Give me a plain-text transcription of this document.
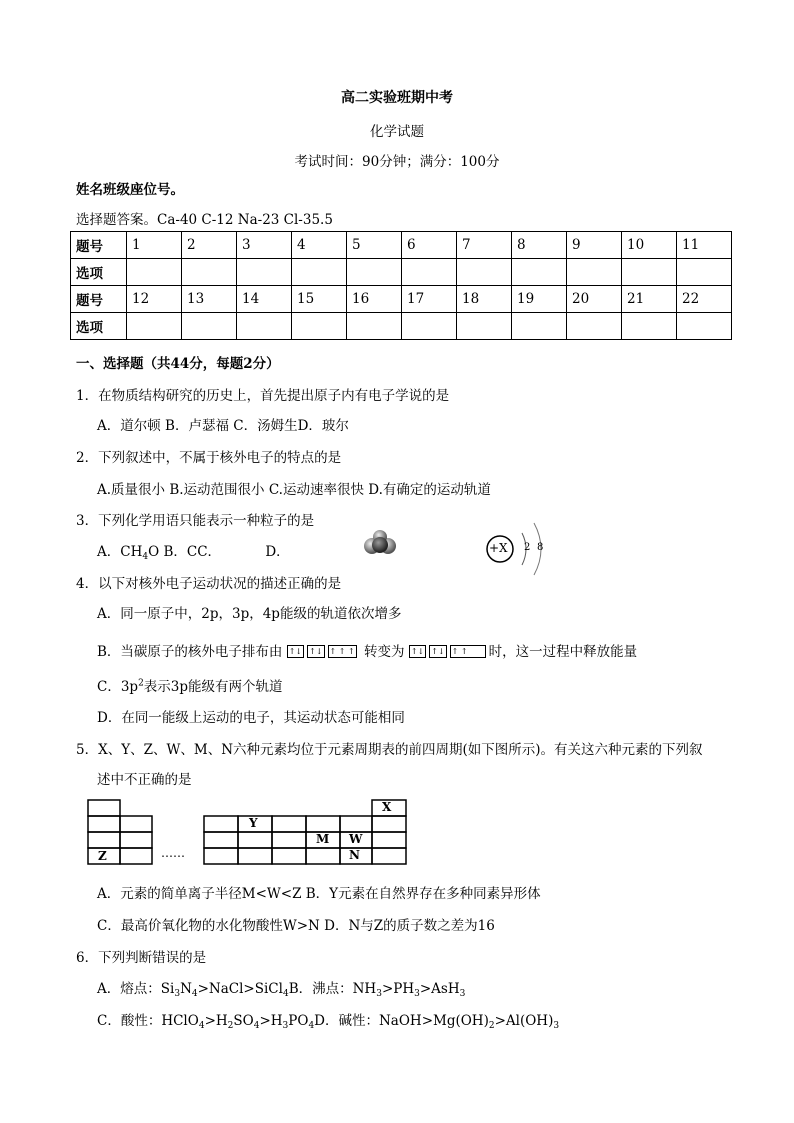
高二实验班期中考
化学试题
考试时间：90分钟；满分：100分
姓名班级座位号。
选择题答案。Ca-40 C-12 Na-23 Cl-35.5
题号	1	2	3	4	5	6	7	8	9	10	11
选项											
题号	12	13	14	15	16	17	18	19	20	21	22
选项											
一、选择题（共44分，每题2分）
1．在物质结构研究的历史上，首先提出原子内有电子学说的是
A．道尔顿 B．卢瑟福 C．汤姆生D．玻尔
2．下列叙述中，不属于核外电子的特点的是
A.质量很小 B.运动范围很小 C.运动速率很快 D.有确定的运动轨道
3．下列化学用语只能表示一种粒子的是
A．$CH_4O$ B．CC．	D．	+X 2 8
4．以下对核外电子运动状况的描述正确的是
A．同一原子中，2p，3p，4p能级的轨道依次增多
B．当碳原子的核外电子排布由 ↑↓ ↑↓ ↑ ↑ ↑ 转变为 ↑↓ ↑↓ ↑ ↑ 时，这一过程中释放能量
C．$3p^2$表示3p能级有两个轨道
D．在同一能级上运动的电子，其运动状态可能相同
5．X、Y、Z、W、M、N六种元素均位于元素周期表的前四周期(如下图所示)。有关这六种元素的下列叙
述中不正确的是
X
Y
M W
N
Z	……
A．元素的简单离子半径M<W<Z B．Y元素在自然界存在多种同素异形体
C．最高价氧化物的水化物酸性W>N D．N与Z的质子数之差为16
6．下列判断错误的是
A．熔点：$Si_3N_4>NaCl>SiCl_4B$．沸点：$NH_3>PH_3>AsH_3$
C．酸性：$HClO_4>H_2SO_4>H_3PO_4D$．碱性：$NaOH>Mg(OH)_2>Al(OH)_3$
